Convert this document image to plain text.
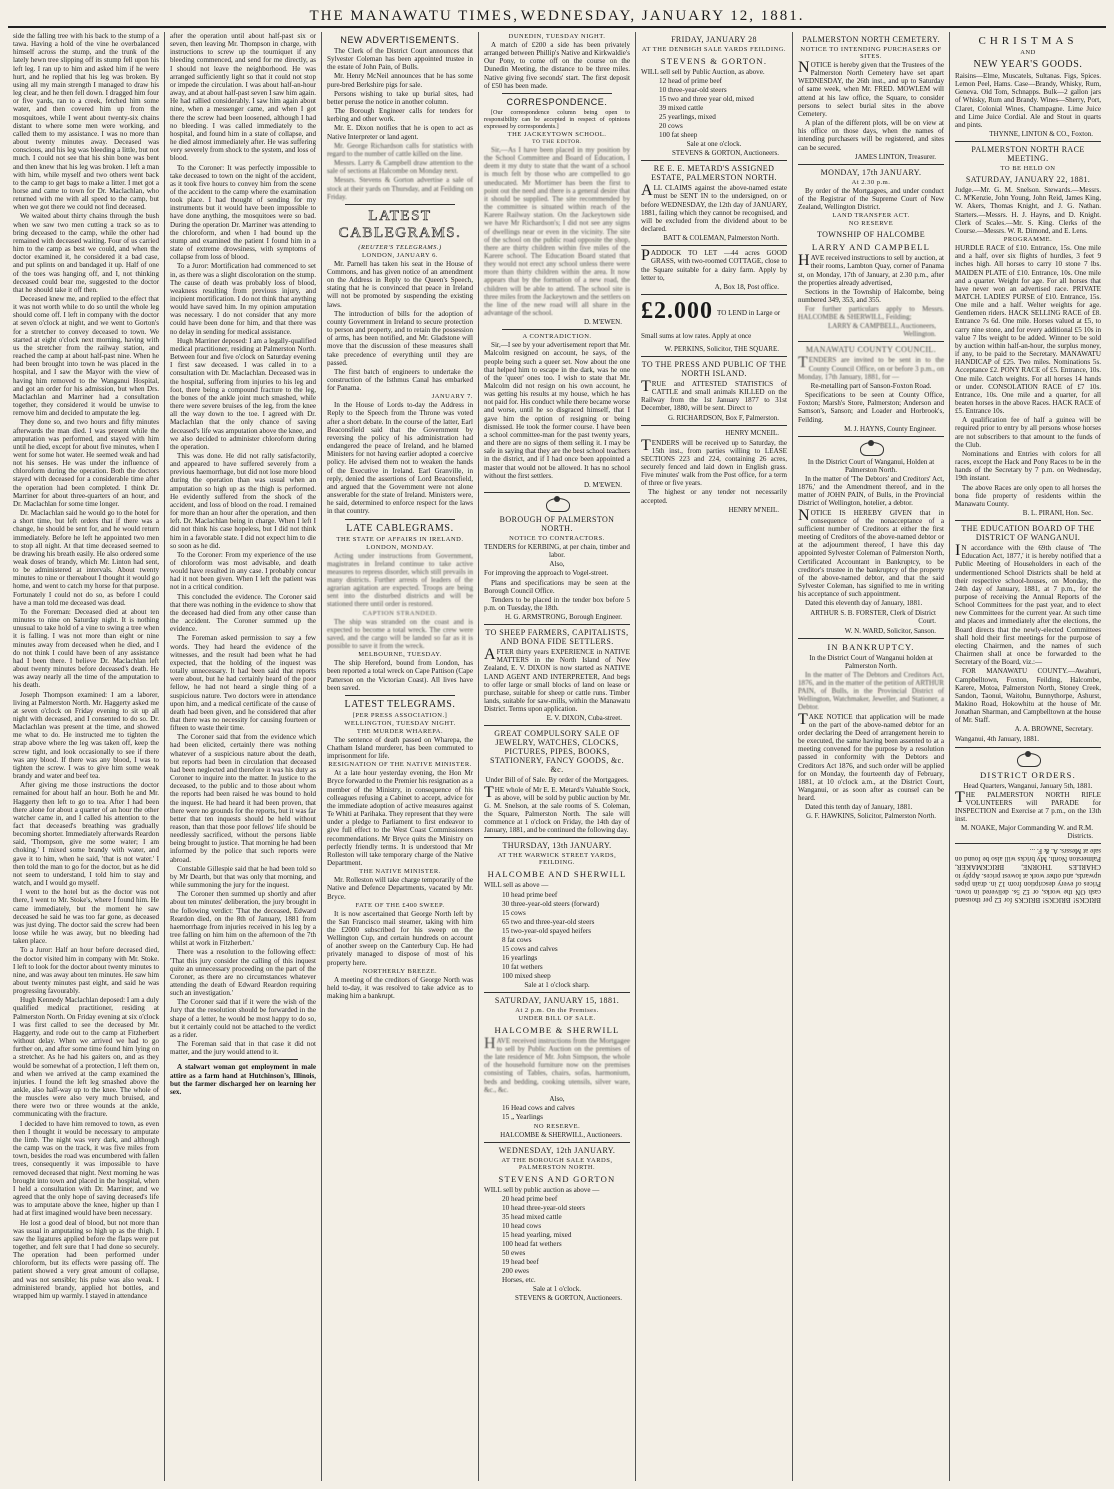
THE MANAWATU TIMES, WEDNESDAY, JANUARY 12, 1881.

side the falling tree with his back to the stump of a tawa. Having a hold of the vine he overbalanced himself across the stump, and the trunk of the lately hewn tree slipping off its stump fell upon his left leg. I ran up to him and asked him if he were hurt, and he replied that his leg was broken. By using all my main strength I managed to draw his leg clear, and he then fell down. I dragged him four or five yards, ran to a creek, fetched him some water, and then covered him up from the mosquitoes, while I went about twenty-six chains distant to where some men were working, and called them to my assistance. I was no more than about twenty minutes away. Deceased was conscious, and his leg was bleeding a little, but not much. I could not see that his shin bone was bent and then knew that his leg was broken. I left a man with him, while myself and two others went back to the camp to get bags to make a litter. I met got a horse and came to town for Dr. Maclachlan, who returned with me with all speed to the camp, but when we got there we could not find deceased.

We waited about thirty chains through the bush when we saw two men cutting a track so as to bring deceased to the camp, while the other had remained with deceased waiting. Four of us carried him to the camp as best we could, and when the doctor examined it, he considered it a bad case, and put splints on and bandaged it up. Half of one of the toes was hanging off, and I, not thinking deceased could bear me, suggested to the doctor that he should take it off then.

Deceased knew me, and replied to the effect that it was not worth while to do so until the whole leg should come off. I left in company with the doctor at seven o'clock at night, and we went to Gorton's for a stretcher to convey deceased to town. We started at eight o'clock next morning, having with us the stretcher from the railway station, and reached the camp at about half-past nine. When he had been brought into town he was placed in the hospital, and I saw the Mayor with the view of having him removed to the Wanganui Hospital, and got an order for his admission, but when Drs. Maclachlan and Marriner had a consultation together, they considered it would be unwise to remove him and decided to amputate the leg.

They done so, and two hours and fifty minutes afterwards the man died. I was present while the amputation was performed, and stayed with him until he died, except for about five minutes, when I went for some hot water. He seemed weak and had not his senses. He was under the influence of chloroform during the operation. Both the doctors stayed with deceased for a considerable time after the operation had been completed. I think Dr. Marriner for about three-quarters of an hour, and Dr. Maclachlan for some time longer.

Dr. Maclachlan said he would go to the hotel for a short time, but left orders that if there was a change, he should be sent for, and he would return immediately. Before he left he appointed two men to stop all night. At that time deceased seemed to be drawing his breath easily. He also ordered some weak doses of brandy, which Mr. Linton had sent, to be administered at intervals. About twenty minutes to nine or thereabout I thought it would go home, and went to catch my horse for that purpose. Fortunately I could not do so, as before I could have a man told me deceased was dead.

To the Foreman: Deceased died at about ten minutes to nine on Saturday night. It is nothing unusual to take hold of a vine to swing a tree when it is falling. I was not more than eight or nine minutes away from deceased when he died, and I do not think I could have been of any assistance had I been there. I believe Dr. Maclachlan left about twenty minutes before deceased's death. He was away nearly all the time of the amputation to his death.

Joseph Thompson examined: I am a laborer, living at Palmerston North. Mr. Haggerty asked me at seven o'clock on Friday evening to sit up all night with deceased, and I consented to do so. Dr. Maclachlan was present at the time, and showed me what to do. He instructed me to tighten the strap above where the leg was taken off, keep the screw tight, and look occasionally to see if there was any blood. If there was any blood, I was to tighten the screw. I was to give him some weak brandy and water and beef tea.

After giving me those instructions the doctor remained for about half an hour. Both he and Mr. Haggerty then left to go to tea. After I had been there alone for about a quarter of an hour the other watcher came in, and I called his attention to the fact that deceased's breathing was gradually becoming shorter. Immediately afterwards Reardon said, 'Thompson, give me some water; I am choking.' I mixed some brandy with water, and gave it to him, when he said, 'that is not water.' I then told the man to go for the doctor, but as he did not seem to understand, I told him to stay and watch, and I would go myself.

I went to the hotel but as the doctor was not there, I went to Mr. Stoke's, where I found him. He came immediately, but the moment he saw deceased he said he was too far gone, as deceased was just dying. The doctor said the screw had been loose while he was away, but no bleeding had taken place.

To a Juror: Half an hour before deceased died, the doctor visited him in company with Mr. Stoke. I left to look for the doctor about twenty minutes to nine, and was away about ten minutes. He saw him about twenty minutes past eight, and said he was progressing favourably.

Hugh Kennedy Maclachlan deposed: I am a duly qualified medical practitioner, residing at Palmerston North. On Friday evening at six o'clock I was first called to see the deceased by Mr. Haggerty, and rode out to the camp at Fitzherbert without delay. When we arrived we had to go further on, and after some time found him lying on a stretcher. As he had his gaiters on, and as they would be somewhat of a protection, I left them on, and when we arrived at the camp examined the injuries. I found the left leg smashed above the ankle, also half-way up to the knee. The whole of the muscles were also very much bruised, and there were two or three wounds at the ankle, communicating with the fracture.

I decided to have him removed to town, as even then I thought it would be necessary to amputate the limb. The night was very dark, and although the camp was on the track, it was five miles from town, besides the road was encumbered with fallen trees, consequently it was impossible to have removed deceased that night. Next morning he was brought into town and placed in the hospital, when I held a consultation with Dr. Marriner, and we agreed that the only hope of saving deceased's life was to amputate above the knee, higher up than I had at first imagined would have been necessary.

He lost a good deal of blood, but not more than was usual in amputating so high up as the thigh. I saw the ligatures applied before the flaps were put together, and felt sure that I had done so securely. The operation had been performed under chloroform, but its effects were passing off. The patient showed a very great amount of collapse, and was not sensible; his pulse was also weak. I administered brandy, applied hot bottles, and wrapped him up warmly. I stayed in attendance

after the operation until about half-past six or seven, then leaving Mr. Thompson in charge, with instructions to screw up the tourniquet if any bleeding commenced, and send for me directly, as I should not leave the neighborhood. He was arranged sufficiently light so that it could not stop or impede the circulation. I was about half-an-hour away, and at about half-past seven I saw him again. He had rallied considerably. I saw him again about nine, when a messenger came, and when I got there the screw had been loosened, although I had no bleeding. I was called immediately to the hospital, and found him in a state of collapse, and he died almost immediately after. He was suffering very severely from shock to the system, and loss of blood.

To the Coroner: It was perfectly impossible to take deceased to town on the night of the accident, as it took five hours to convey him from the scene of the accident to the camp where the examination took place. I had thought of sending for my instruments but it would have been impossible to have done anything, the mosquitoes were so bad. During the operation Dr. Marriner was attending to the chloroform, and when I had bound up the stump and examined the patient I found him in a state of extreme drowsiness, with symptoms of collapse from loss of blood.

To a Juror: Mortification had commenced to set in, as there was a slight discoloration on the stump. The cause of death was probably loss of blood, weakness resulting from previous injury, and incipient mortification. I do not think that anything would have saved him. In my opinion amputation was necessary. I do not consider that any more could have been done for him, and that there was no delay in sending for medical assistance.

Hugh Marriner deposed: I am a legally-qualified medical practitioner, residing at Palmerston North. Between four and five o'clock on Saturday evening I first saw deceased. I was called in to a consultation with Dr. Maclachlan. Deceased was in the hospital, suffering from injuries to his leg and foot, there being a compound fracture to the leg, the bones of the ankle joint much smashed, while there were severe bruises of the leg, from the knee all the way down to the toe. I agreed with Dr. Maclachlan that the only chance of saving deceased's life was amputation above the knee, and we also decided to administer chloroform during the operation.

This was done. He did not rally satisfactorily, and appeared to have suffered severely from a previous haemorrhage, but did not lose more blood during the operation than was usual when an amputation so high up as the thigh is performed. He evidently suffered from the shock of the accident, and loss of blood on the road. I remained for more than an hour after the operation, and then left. Dr. Maclachlan being in charge. When I left I did not think his case hopeless, but I did not think him in a favorable state. I did not expect him to die so soon as he did.

To the Coroner: From my experience of the use of chloroform was most advisable, and death would have resulted in any case. I probably concur had it not been given. When I left the patient was not in a critical condition.

This concluded the evidence. The Coroner said that there was nothing in the evidence to show that the deceased had died from any other cause than the accident. The Coroner summed up the evidence.

The Foreman asked permission to say a few words. They had heard the evidence of the witnesses, and the result had been what he had expected, that the holding of the inquest was totally unnecessary. It had been said that reports were about, but he had certainly heard of the poor fellow, he had not heard a single thing of a suspicious nature. Two doctors were in attendance upon him, and a medical certificate of the cause of death had been given, and he considered that after that there was no necessity for causing fourteen or fifteen to waste their time.

The Coroner said that from the evidence which had been elicited, certainly there was nothing whatever of a suspicious nature about the death, but reports had been in circulation that deceased had been neglected and therefore it was his duty as Coroner to inquire into the matter. In justice to the deceased, to the public and to those about whom the reports had been raised he was bound to hold the inquest. He had heard it had been proven, that there were no grounds for the reports, but it was far better that ten inquests should be held without reason, than that those poor fellows' life should be needlessly sacrificed, without the persons liable being brought to justice. That morning he had been informed by the police that such reports were abroad.

Constable Gillespie said that he had been told so by Mr Dearth, but that was only that morning, and while summoning the jury for the inquest.

The Coroner then summed up shortly and after about ten minutes' deliberation, the jury brought in the following verdict: 'That the deceased, Edward Reardon died, on the 8th of January, 1881 from haemorrhage from injuries received in his leg by a tree falling on him him on the afternoon of the 7th whilst at work in Fitzherbert.'

There was a resolution to the following effect: 'That this jury consider the calling of this inquest quite an unnecessary proceeding on the part of the Coroner, as there are no circumstances whatever attending the death of Edward Reardon requiring such an investigation.'

The Coroner said that if it were the wish of the Jury that the resolution should be forwarded in the shape of a letter, he would be most happy to do so, but it certainly could not be attached to the verdict as a rider.

The Foreman said that in that case it did not matter, and the jury would attend to it.

A stalwart woman got employment in male attire as a farm hand at Hutchinson's, Illinois, but the farmer discharged her on learning her sex.

NEW ADVERTISEMENTS.

The Clerk of the District Court announces that Sylvester Coleman has been appointed trustee in the estate of John Pain, of Bulls.

Mr. Henry McNeil announces that he has some pure-bred Berkshire pigs for sale.

Persons wishing to take up burial sites, had better peruse the notice in another column.

The Borough Engineer calls for tenders for kerbing and other work.

Mr. E. Dixon notifies that he is open to act as Native Interpreter or land agent.

Mr. George Richardson calls for statistics with regard to the number of cattle killed on the line.

Messrs. Larry & Campbell draw attention to the sale of sections at Halcombe on Monday next.

Messrs. Stevens & Gorton advertise a sale of stock at their yards on Thursday, and at Feilding on Friday.

LATEST CABLEGRAMS.
(REUTER'S TELEGRAMS.)
LONDON, JANUARY 6.

Mr. Parnell has taken his seat in the House of Commons, and has given notice of an amendment on the Address in Reply to the Queen's Speech, stating that he is convinced that peace in Ireland will not be promoted by suspending the existing laws.

The introduction of bills for the adoption of county Government in Ireland to secure protection to person and property, and to retain the possession of arms, has been notified, and Mr. Gladstone will move that the discussion of these measures shall take precedence of everything until they are passed.

The first batch of engineers to undertake the construction of the Isthmus Canal has embarked for Panama.

JANUARY 7.

In the House of Lords to-day the Address in Reply to the Speech from the Throne was voted after a short debate. In the course of the latter, Earl Beaconsfield said that the Government by reversing the policy of his administration had endangered the peace of Ireland, and he blamed Ministers for not having earlier adopted a coercive policy. He advised them not to weaken the hands of the Executive in Ireland. Earl Granville, in reply, denied the assertions of Lord Beaconsfield, and argued that the Government were not alone answerable for the state of Ireland. Ministers were, he said, determined to enforce respect for the laws in that country.

LATE CABLEGRAMS.
THE STATE OF AFFAIRS IN IRELAND.
LONDON, MONDAY.

Acting under instructions from Government, magistrates in Ireland continue to take active measures to repress disorder, which still prevails in many districts. Further arrests of leaders of the agrarian agitation are expected. Troops are being sent into the disturbed districts and will be stationed there until order is restored.

CAPTION STRANDED.

The ship was stranded on the coast and is expected to become a total wreck. The crew were saved, and the cargo will be landed so far as it is possible to save it from the wreck.

MELBOURNE, TUESDAY.

The ship Hereford, bound from London, has been reported a total wreck on Cape Pattison (Cape Patterson on the Victorian Coast). All lives have been saved.

LATEST TELEGRAMS.
[PER PRESS ASSOCIATION.]
WELLINGTON, TUESDAY NIGHT.
THE MURDER WHAREPA.

The sentence of death passed on Wharepa, the Chatham Island murderer, has been commuted to imprisonment for life.

RESIGNATION OF THE NATIVE MINISTER.

At a late hour yesterday evening, the Hon Mr Bryce forwarded to the Premier his resignation as a member of the Ministry, in consequence of his colleagues refusing a Cabinet to accept, advice for the immediate adoption of active measures against Te Whiti at Parihaka. They represent that they were under a pledge to Parliament to first endeavor to give full effect to the West Coast Commissioners recommendations. Mr Bryce quits the Ministry on perfectly friendly terms. It is understood that Mr Rolleston will take temporary charge of the Native Department.

THE NATIVE MINISTER.

Mr. Rolleston will take charge temporarily of the Native and Defence Departments, vacated by Mr. Bryce.

FATE OF THE £400 SWEEP.

It is now ascertained that George North left by the San Francisco mail steamer, taking with him the £2000 subscribed for his sweep on the Wellington Cup, and certain hundreds on account of another sweep on the Canterbury Cup. He had privately managed to dispose of most of his property here.

NORTHERLY BREEZE.

A meeting of the creditors of George North was held to-day, it was resolved to take advice as to making him a bankrupt.

DUNEDIN, TUESDAY NIGHT.

A match of £200 a side has been privately arranged between Phillip's Native and Kirkwaldie's Our Pony, to come off on the course on the Dunedin Meeting, the distance to be three miles. Native giving five seconds' start. The first deposit of £50 has been made.

CORRESPONDENCE.

[Our correspondence column being open to responsibility can be accepted in respect of opinions expressed by correspondents.]

THE JACKEYTOWN SCHOOL.
TO THE EDITOR.

Sir,—As I have been placed in my position by the School Committee and Board of Education, I deem it my duty to state that the want of a school is much felt by those who are compelled to go uneducated. Mr Mortimer has been the first to point out the need and there is a general desire that it should be supplied. The site recommended by the committee is situated within reach of the Karere Railway station. On the Jackeytown side we have Mr Richardson's; I did not see any signs of dwellings near or even in the vicinity. The site of the school on the public road opposite the shop, there are thirty children within five miles of the Karere school. The Education Board stated that they would not erect any school unless there were more than thirty children within the area. It now appears that by the formation of a new road, the children will be able to attend. The school site is three miles from the Jackeytown and the settlers on the line of the new road will all share in the advantage of the school.

D. M'EWEN.
A CONTRADICTION.

Sir,—I see by your advertisement report that Mr. Malcolm resigned on account, he says, of the people being such a queer set. Now about the one that helped him to escape in the dark, was he one of the 'queer' ones too. I wish to state that Mr. Malcolm did not resign on his own account, he was getting his results at my house, which he has not paid for. His conduct while there became worse and worse, until he so disgraced himself, that I gave him the option of resigning or being dismissed. He took the former course. I have been a school committee-man for the past twenty years, and there are no signs of them selling it. I may be safe in saying that they are the best school teachers in the district, and if I had once been appointed a master that would not be allowed. It has no school without the first settlers.

D. M'EWEN.
BOROUGH OF PALMERSTON NORTH.
NOTICE TO CONTRACTORS.

TENDERS for KERBING, at per chain, timber and labor.

Also,

For improving the approach to Vogel-street.

Plans and specifications may be seen at the Borough Council Office.

Tenders to be placed in the tender box before 5 p.m. on Tuesday, the 18th.

H. G. ARMSTRONG, Borough Engineer.
TO SHEEP FARMERS, CAPITALISTS, AND BONA FIDE SETTLERS.

AFTER thirty years EXPERIENCE in NATIVE MATTERS in the North Island of New Zealand, E. V. DIXON is now started as NATIVE LAND AGENT AND INTERPRETER, And begs to offer large or small blocks of land on lease or purchase, suitable for sheep or cattle runs. Timber lands, suitable for saw-mills, within the Manawatu District. Terms upon application.

E. V. DIXON, Cuba-street.
GREAT COMPULSORY SALE OF JEWELRY, WATCHES, CLOCKS, PICTURES, PIPES, BOOKS, STATIONERY, FANCY GOODS, &c. &c.

Under Bill of of Sale. By order of the Mortgagees.

THE whole of Mr E. E. Metard's Valuable Stock, as above, will be sold by public auction by Mr. G. M. Snelson, at the sale rooms of S. Coleman, the Square, Palmerston North. The sale will commence at 1 o'clock on Friday, the 14th day of January, 1881, and be continued the following day.

THURSDAY, 13th JANUARY.
AT THE WARWICK STREET YARDS, FEILDING.
HALCOMBE AND SHERWILL

WILL sell as above —

10 head prime beef
30 three-year-old steers (forward)
15 cows
65 two and three-year-old steers
15 two-year-old spayed heifers
8 fat cows
15 cows and calves
16 yearlings
10 fat wethers
100 mixed sheep

Sale at 1 o'clock sharp.

SATURDAY, JANUARY 15, 1881.
At 2 p.m. On the Premises.
UNDER BILL OF SALE.
HALCOMBE & SHERWILL

HAVE received instructions from the Mortgagee to sell by Public Auction on the premises of the late residence of Mr. John Simpson, the whole of the household furniture now on the premises consisting of Tables, chairs, sofas, harmonium, beds and bedding, cooking utensils, silver ware, &c., &c.

Also,

16 Head cows and calves
15 „ Yearlings
NO RESERVE.
HALCOMBE & SHERWILL, Auctioneers.
WEDNESDAY, 12th JANUARY.
AT THE BOROUGH SALE YARDS, PALMERSTON NORTH.
STEVENS AND GORTON

WILL sell by public auction as above —

20 head prime beef
10 head three-year-old steers
35 head mixed cattle
10 head cows
15 head yearling, mixed
100 head fat wethers
50 ewes
19 head beef
200 ewes
Horses, etc.

Sale at 1 o'clock.

STEVENS & GORTON, Auctioneers.
FRIDAY, JANUARY 28
AT THE DENBIGH SALE YARDS FEILDING.
STEVENS & GORTON.

WILL sell sell by Public Auction, as above.

12 head of prime beef
10 three-year-old steers
15 two and three year old, mixed
39 mixed cattle
25 yearlings, mixed
20 cows
100 fat sheep

Sale at one o'clock.

STEVENS & GORTON, Auctioneers.
RE E. E. METARD'S ASSIGNED ESTATE, PALMERSTON NORTH.

ALL CLAIMS against the above-named estate must be SENT IN to the undersigned, on or before WEDNESDAY, the 12th day of JANUARY, 1881, failing which they cannot be recognised, and will be excluded from the dividend about to be declared.

BATT & COLEMAN, Palmerston North.

PADDOCK TO LET —44 acres GOOD GRASS, with two-roomed COTTAGE, close to the Square suitable for a dairy farm. Apply by letter to,

A, Box 18, Post office.
£2.000 TO LEND in Large or Small sums at low rates. Apply at once
W. PERKINS, Solicitor, THE SQUARE.
TO THE PRESS AND PUBLIC OF THE NORTH ISLAND.

TRUE and ATTESTED STATISTICS of CATTLE and small animals KILLED on the Railway from the 1st January 1877 to 31st December, 1880, will be sent. Direct to

G. RICHARDSON, Box F, Palmerston.
HENRY MCNEIL.

TENDERS will be received up to Saturday, the 15th inst., from parties willing to LEASE SECTIONS 223 and 224, containing 26 acres, securely fenced and laid down in English grass. Five minutes' walk from the Post office, for a term of three or five years.

The highest or any tender not necessarily accepted.

HENRY M'NEIL.
PALMERSTON NORTH CEMETERY.
NOTICE TO INTENDING PURCHASERS OF SITES.

NOTICE is hereby given that the Trustees of the Palmerston North Cemetery have set apart WEDNESDAY, the 26th inst., and up to Saturday of same week, when Mr. FRED. MOWLEM will attend at his law office, the Square, to consider persons to select burial sites in the above Cemetery.

A plan of the different plots, will be on view at his office on those days, when the names of intending purchasers will be registered, and sites can be secured.

JAMES LINTON, Treasurer.
MONDAY, 17th JANUARY.
At 2.30 p.m.

By order of the Mortgagees, and under conduct of the Registrar of the Supreme Court of New Zealand, Wellington District.

LAND TRANSFER ACT.
NO RESERVE
TOWNSHIP OF HALCOMBE
LARRY AND CAMPBELL

HAVE received instructions to sell by auction, at their rooms, Lambton Quay, corner of Panama st, on Monday, 17th of January, at 2.30 p.m., after the properties already advertised,

Sections in the Township of Halcombe, being numbered 349, 353, and 355.

For further particulars apply to Messrs. HALCOMBE & SHERWILL, Feilding;

LARRY & CAMPBELL, Auctioneers, Wellington.
MANAWATU COUNTY COUNCIL.

TENDERS are invited to be sent in to the County Council Office, on or before 3 p.m., on Monday, 17th January, 1881, for —

Re-metalling part of Sanson-Foxton Road.

Specifications to be seen at County Office, Foxton; Marsh's Store, Palmerston; Anderson and Samson's, Sanson; and Loader and Horbrook's, Feilding.

M. J. HAYNS, County Engineer.

In the District Court of Wanganui, Holden at Palmerston North.

In the matter of 'The Debtors' and Creditors' Act, 1876,' and the Amendment thereof, and in the matter of JOHN PAIN, of Bulls, in the Provincial District of Wellington, hotelier, a debtor.

NOTICE IS HEREBY GIVEN that in consequence of the nonacceptance of a sufficient number of Creditors at either the first meeting of Creditors of the above-named debtor or at the adjournment thereof, I have this day appointed Sylvester Coleman of Palmerston North, Certificated Accountant in Bankruptcy, to be creditor's trustee in the bankruptcy of the property of the above-named debtor, and that the said Sylvester Coleman, has signified to me in writing his acceptance of such appointment.

Dated this eleventh day of January, 1881.

ARTHUR S. B. FORSTER, Clerk of District Court.
W. N. WARD, Solicitor, Sanson.
IN BANKRUPTCY.

In the District Court of Wanganui holden at Palmerston North.

In the matter of The Debtors and Creditors Act, 1876, and in the matter of the petition of ARTHUR PAIN, of Bulls, in the Provincial District of Wellington, Watchmaker, Jeweller, and Stationer, a Debtor.

TAKE NOTICE that application will be made on the part of the above-named debtor for an order declaring the Deed of arrangement herein to be executed, the same having been assented to at a meeting convened for the purpose by a resolution passed in conformity with the Debtors and Creditors Act 1876, and such order will be applied for on Monday, the fourteenth day of February, 1881, at 10 o'clock a.m., at the District Court, Wanganui, or as soon after as counsel can be heard.

Dated this tenth day of January, 1881.

G. F. HAWKINS, Solicitor, Palmerston North.
CHRISTMAS
AND
NEW YEAR'S GOODS.

Raisins—Elme, Muscatels, Sultanas. Figs, Spices. Lemon Peel, Hams. Case—Brandy, Whisky, Rum, Geneva. Old Tom, Schnapps. Bulk—2 gallon jars of Whisky, Rum and Brandy. Wines—Sherry, Port, Claret, Colonial Wines, Champagne. Lime Juice and Lime Juice Cordial. Ale and Stout in quarts and pints.

THYNNE, LINTON & CO., Foxton.
PALMERSTON NORTH RACE MEETING.
TO BE HELD ON
SATURDAY, JANUARY 22, 1881.

Judge.—Mr. G. M. Snelson. Stewards.—Messrs. C. M'Kenzie, John Young, John Reid, James King, W. Akers, Thomas Knight, and J. G. Nathan. Starters.—Messrs. H. J. Hayns, and D. Knight. Clerk of Scales.—Mr. S. King. Clerks of the Course.—Messrs. W. R. Dimond, and E. Lens.

PROGRAMME.

HURDLE RACE of £10. Entrance, 15s. One mile and a half, over six flights of hurdles, 3 feet 9 inches high. All horses to carry 10 stone 7 lbs. MAIDEN PLATE of £10. Entrance, 10s. One mile and a quarter. Weight for age. For all horses that have never won an advertised race. PRIVATE MATCH. LADIES' PURSE of £10. Entrance, 15s. One mile and a half. Welter weights for age. Gentlemen riders. HACK SELLING RACE of £8. Entrance 7s 6d. One mile. Horses valued at £5, to carry nine stone, and for every additional £5 10s in value 7 lbs weight to be added. Winner to be sold by auction within half-an-hour, the surplus money, if any, to be paid to the Secretary. MANAWATU HANDICAP of £25. Two miles. Nominations 5s. Acceptance £2. PONY RACE of £5. Entrance, 10s. One mile. Catch weights. For all horses 14 hands or under. CONSOLATION RACE of £7 10s. Entrance, 10s. One mile and a quarter, for all beaten horses in the above Races. HACK RACE of £5. Entrance 10s.

A qualification fee of half a guinea will be required prior to entry by all persons whose horses are not subscribers to that amount to the funds of the Club.

Nominations and Entries with colors for all races, except the Hack and Pony Races to be in the hands of the Secretary by 7 p.m. on Wednesday, 19th instant.

The above Races are only open to all horses the bona fide property of residents within the Manawatu County.

B. L. PIRANI, Hon. Sec.
THE EDUCATION BOARD OF THE DISTRICT OF WANGANUI.

IN accordance with the 69th clause of 'The Education Act, 1877,' it is hereby notified that a Public Meeting of Householders in each of the undermentioned School Districts shall be held at their respective school-houses, on Monday, the 24th day of January, 1881, at 7 p.m., for the purpose of receiving the Annual Reports of the School Committees for the past year, and to elect new Committees for the current year. At such time and places and immediately after the elections, the Board directs that the newly-elected Committees shall hold their first meetings for the purpose of electing Chairmen, and the names of such Chairmen shall at once be forwarded to the Secretary of the Board, viz.:—

FOR MANAWATU COUNTY.—Awahuri, Campbelltown, Foxton, Feilding, Halcombe, Karere, Motoa, Palmerston North, Stoney Creek, Sandon, Taonui, Waitohu, Bunnythorpe, Ashurst, Makino Road, Hokowhitu at the house of Mr. Jonathan Sharman, and Campbelltown at the house of Mr. Staff.

A. A. BROWNE, Secretary.

Wanganui, 4th January, 1881.

DISTRICT ORDERS.

Head Quarters, Wanganui, January 5th, 1881.

THE PALMERSTON NORTH RIFLE VOLUNTEERS will PARADE for INSPECTION and Exercise at 7 p.m., on the 13th inst.

M. NOAKE, Major Commanding W. and R.M. Districts.

BRICKS! BRICKS! BRICKS for £2 per thousand cash ON the works, or £2 5s. delivered in town. Prices of every description from 12 in. drain pipes upwards, and other work at lowest prices. Apply to CHARLES THORNE, BRICKMAKER, Palmerston North. My bricks will also be found on sale at Messrs. A. & F. ...
